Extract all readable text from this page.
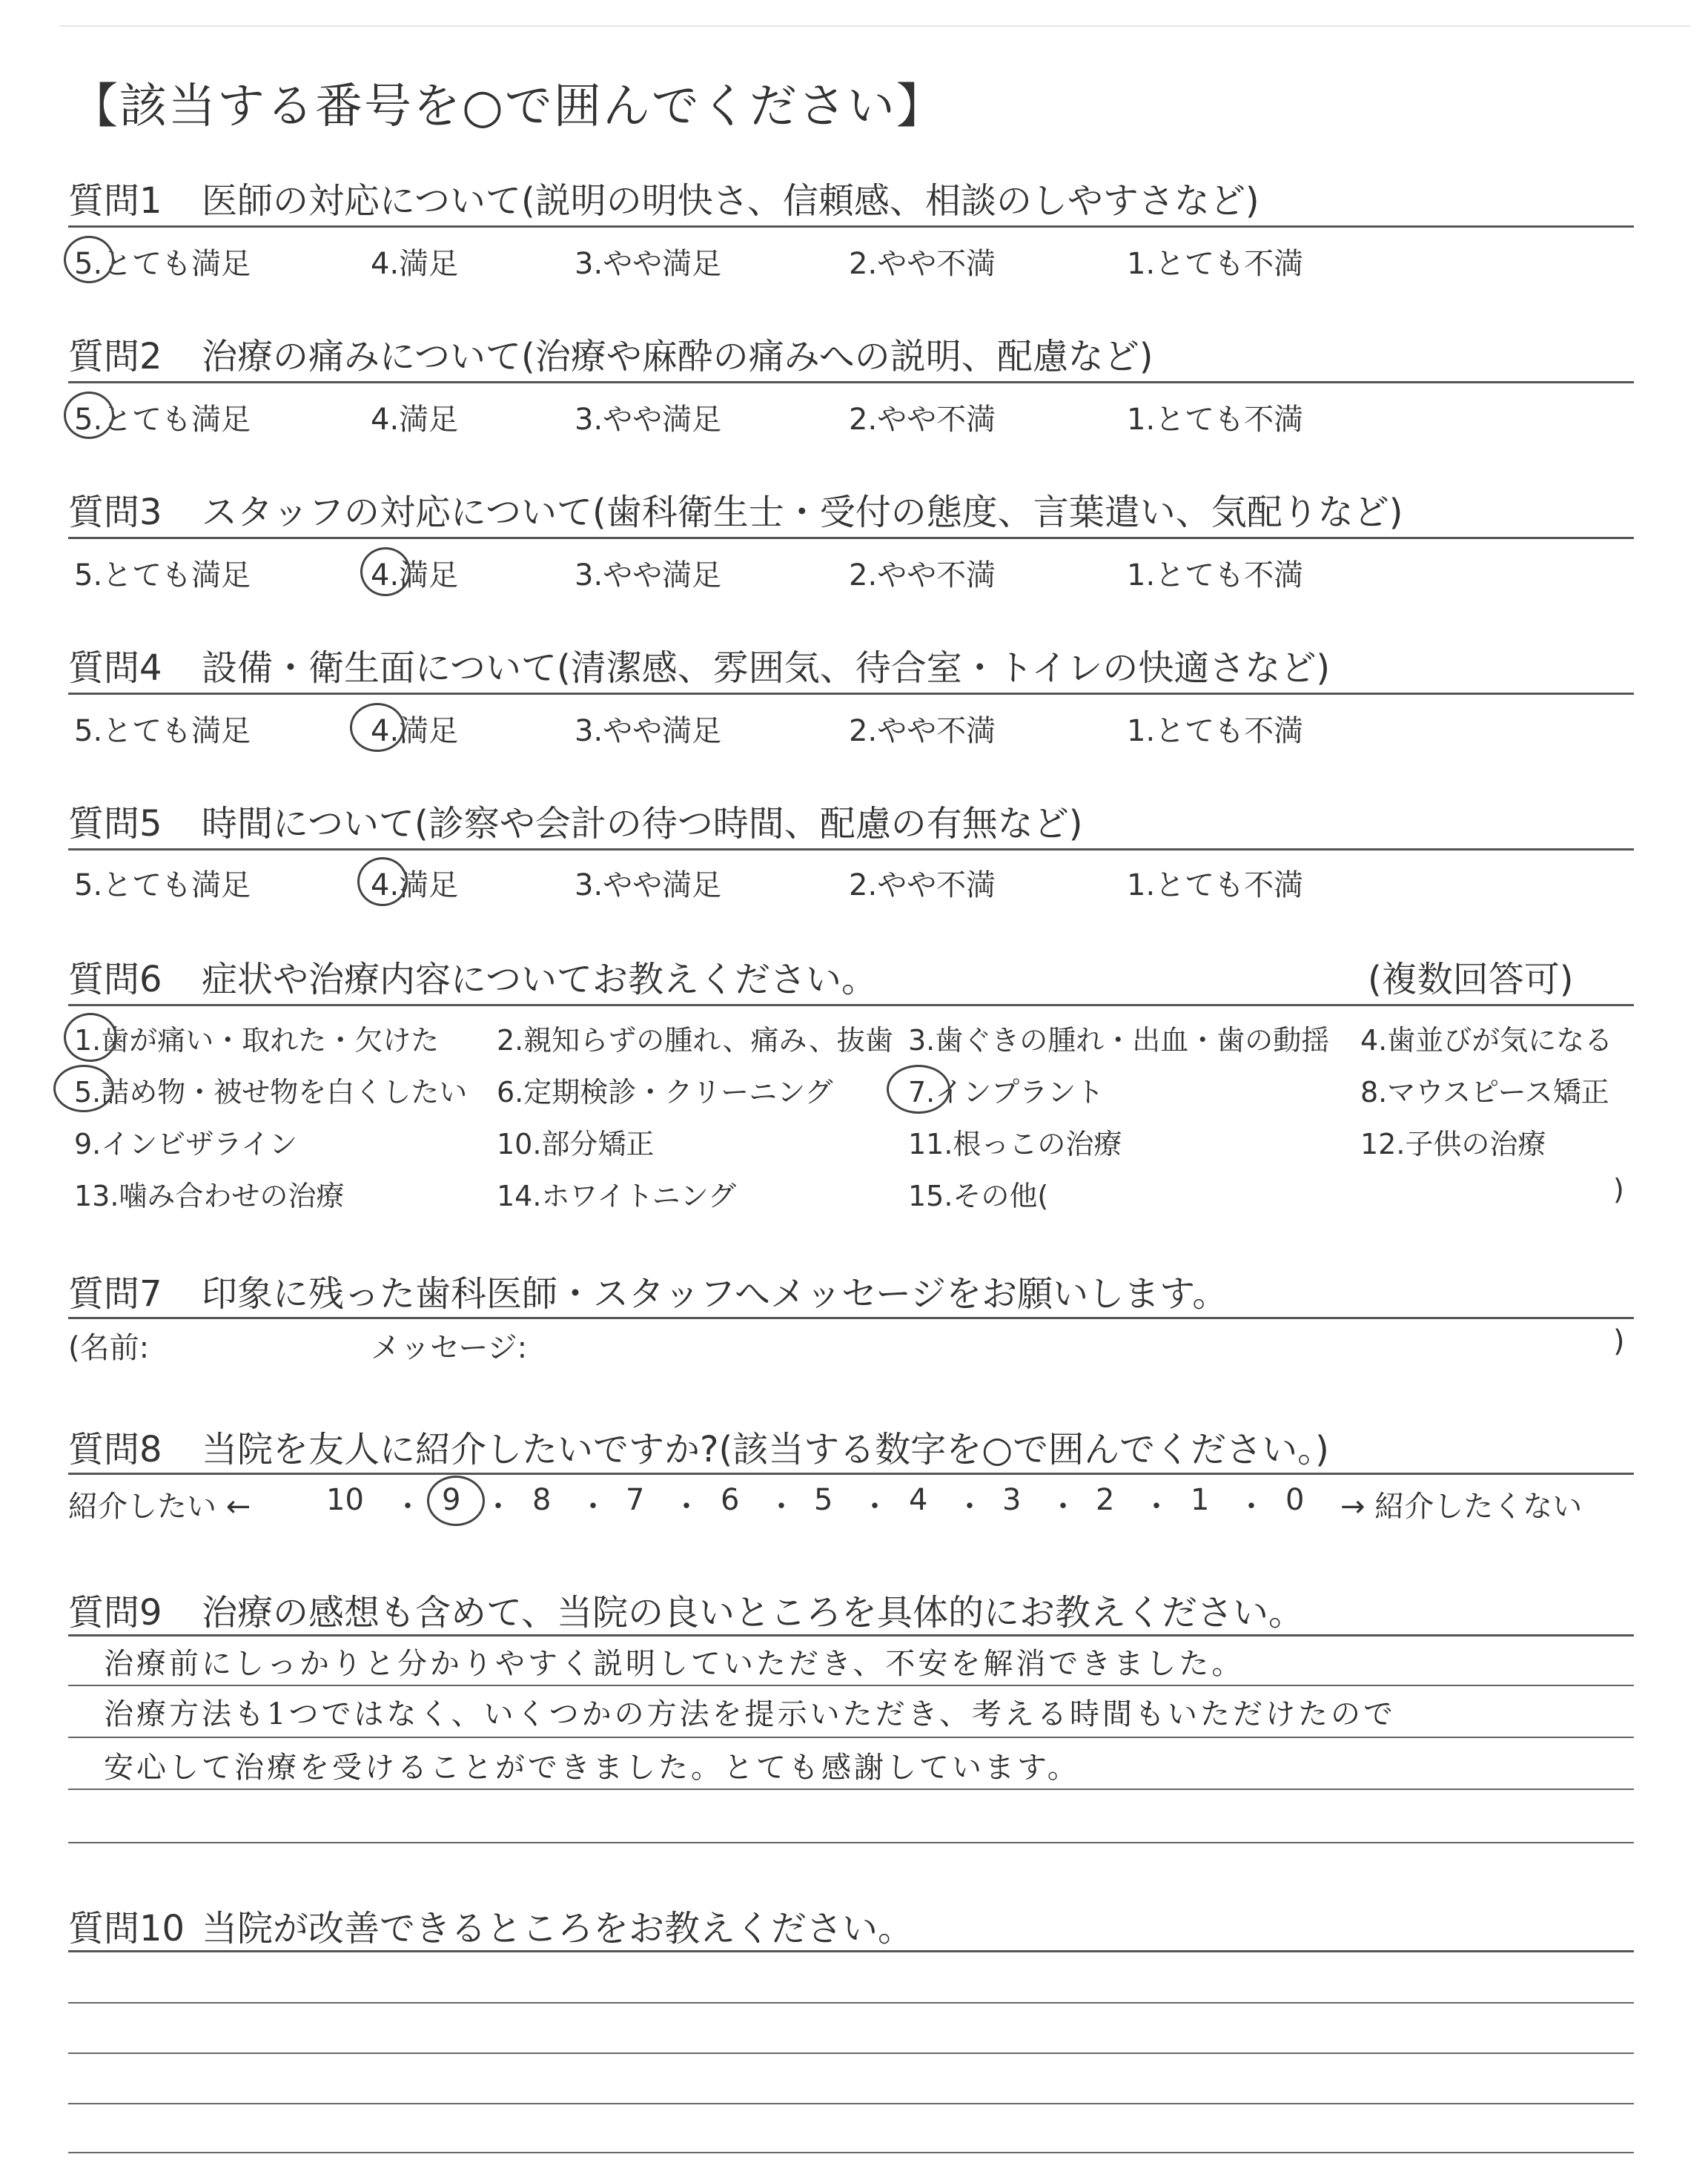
【該当する番号を○で囲んでください】
質問1 医師の対応について(説明の明快さ、信頼感、相談のしやすさなど)
5.とても満足	4.満足	3.やや満足	2.やや不満	1.とても不満
質問2 治療の痛みについて(治療や麻酔の痛みへの説明、配慮など)
5.とても満足	4.満足	3.やや満足	2.やや不満	1.とても不満
質問3 スタッフの対応について(歯科衛生士・受付の態度、言葉遣い、気配りなど)
5.とても満足	4.満足	3.やや満足	2.やや不満	1.とても不満
質問4 設備・衛生面について(清潔感、雰囲気、待合室・トイレの快適さなど)
5.とても満足	4.満足	3.やや満足	2.やや不満	1.とても不満
質問5 時間について(診察や会計の待つ時間、配慮の有無など)
5.とても満足	4.満足	3.やや満足	2.やや不満	1.とても不満
質問6 症状や治療内容についてお教えください。	(複数回答可)
1.歯が痛い・取れた・欠けた 2.親知らずの腫れ、痛み、抜歯 3.歯ぐきの腫れ・出血・歯の動揺 4.歯並びが気になる
5.詰め物・被せ物を白くしたい 6.定期検診・クリーニング	7.インプラント	8.マウスピース矯正
9.インビザライン	10.部分矯正	11.根っこの治療	12.子供の治療
13.噛み合わせの治療	14.ホワイトニング	15.その他(	)
質問7 印象に残った歯科医師・スタッフへメッセージをお願いします。
(名前:	メッセージ:	)
質問8 当院を友人に紹介したいですか?(該当する数字を○で囲んでください。)
紹介したい ←	10 ・ 9 ・ 8 ・ 7 ・ 6 ・ 5 ・ 4 ・ 3 ・ 2 ・ 1 ・ 0 → 紹介したくない
質問9 治療の感想も含めて、当院の良いところを具体的にお教えください。
治療前にしっかりと分かりやすく説明していただき、不安を解消できました。
治療方法も1つではなく、いくつかの方法を提示いただき、考える時間もいただけたので
安心して治療を受けることができました。とても感謝しています。
質問10 当院が改善できるところをお教えください。
